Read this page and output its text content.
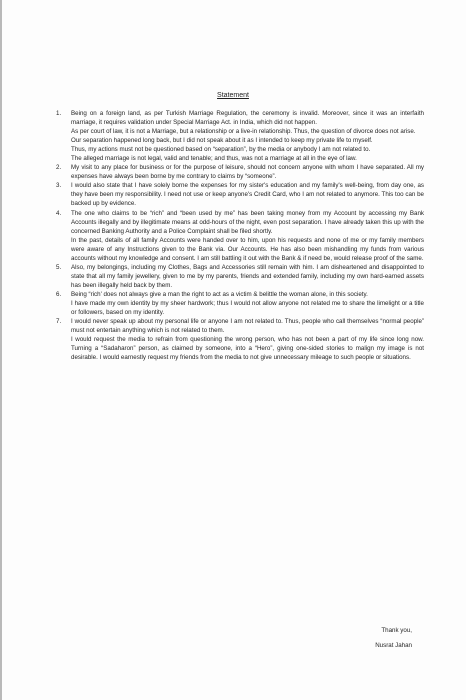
Statement
1. Being on a foreign land, as per Turkish Marriage Regulation, the ceremony is invalid. Moreover, since it was an interfaith marriage, it requires validation under Special Marriage Act. in India, which did not happen.

As per court of law, it is not a Marriage, but a relationship or a live-in relationship. Thus, the question of divorce does not arise.

Our separation happened long back, but I did not speak about it as I intended to keep my private life to myself.

Thus, my actions must not be questioned based on “separation”, by the media or anybody I am not related to.

The alleged marriage is not legal, valid and tenable; and thus, was not a marriage at all in the eye of law.

2. My visit to any place for business or for the purpose of leisure, should not concern anyone with whom I have separated. All my expenses have always been borne by me contrary to claims by “someone”.

3. I would also state that I have solely borne the expenses for my sister's education and my family's well-being, from day one, as they have been my responsibility. I need not use or keep anyone's Credit Card, who I am not related to anymore. This too can be backed up by evidence.

4. The one who claims to be “rich” and “been used by me” has been taking money from my Account by accessing my Bank Accounts illegally and by illegitimate means at odd-hours of the night, even post separation. I have already taken this up with the concerned Banking Authority and a Police Complaint shall be filed shortly.

In the past, details of all family Accounts were handed over to him, upon his requests and none of me or my family members were aware of any Instructions given to the Bank via. Our Accounts. He has also been mishandling my funds from various accounts without my knowledge and consent. I am still battling it out with the Bank & if need be, would release proof of the same.

5. Also, my belongings, including my Clothes, Bags and Accessories still remain with him. I am disheartened and disappointed to state that all my family jewellery, given to me by my parents, friends and extended family, including my own hard-earned assets has been illegally held back by them.

6. Being “rich' does not always give a man the right to act as a victim & belittle the woman alone, in this society.

I have made my own identity by my sheer hardwork; thus I would not allow anyone not related me to share the limelight or a title or followers, based on my identity.

7. I would never speak up about my personal life or anyone I am not related to. Thus, people who call themselves “normal people” must not entertain anything which is not related to them.

I would request the media to refrain from questioning the wrong person, who has not been a part of my life since long now. Turning a “Sadaharon” person, as claimed by someone, into a “Hero”, giving one-sided stories to malign my image is not desirable. I would earnestly request my friends from the media to not give unnecessary mileage to such people or situations.

Thank you,
Nusrat Jahan
